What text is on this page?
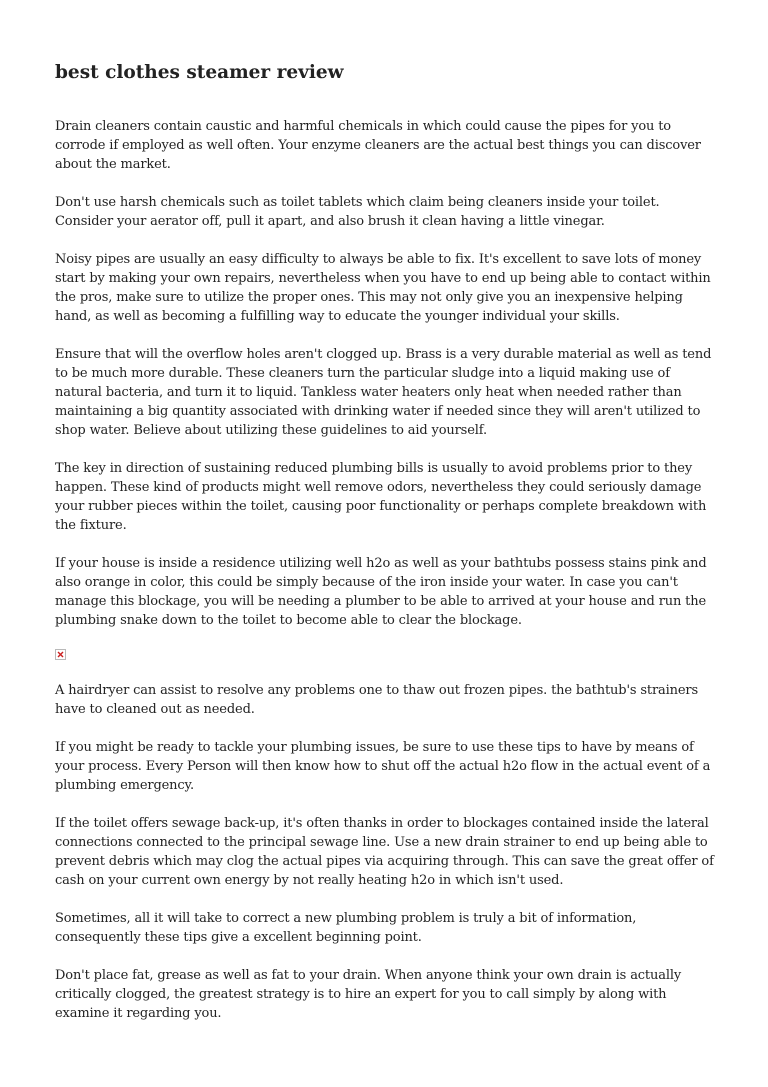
best clothes steamer review

Drain cleaners contain caustic and harmful chemicals in which could cause the pipes for you to corrode if employed as well often. Your enzyme cleaners are the actual best things you can discover about the market.

Don't use harsh chemicals such as toilet tablets which claim being cleaners inside your toilet. Consider your aerator off, pull it apart, and also brush it clean having a little vinegar.

Noisy pipes are usually an easy difficulty to always be able to fix. It's excellent to save lots of money start by making your own repairs, nevertheless when you have to end up being able to contact within the pros, make sure to utilize the proper ones. This may not only give you an inexpensive helping hand, as well as becoming a fulfilling way to educate the younger individual your skills.

Ensure that will the overflow holes aren't clogged up. Brass is a very durable material as well as tend to be much more durable. These cleaners turn the particular sludge into a liquid making use of natural bacteria, and turn it to liquid. Tankless water heaters only heat when needed rather than maintaining a big quantity associated with drinking water if needed since they will aren't utilized to shop water. Believe about utilizing these guidelines to aid yourself.

The key in direction of sustaining reduced plumbing bills is usually to avoid problems prior to they happen. These kind of products might well remove odors, nevertheless they could seriously damage your rubber pieces within the toilet, causing poor functionality or perhaps complete breakdown with the fixture.

If your house is inside a residence utilizing well h2o as well as your bathtubs possess stains pink and also orange in color, this could be simply because of the iron inside your water. In case you can't manage this blockage, you will be needing a plumber to be able to arrived at your house and run the plumbing snake down to the toilet to become able to clear the blockage.

A hairdryer can assist to resolve any problems one to thaw out frozen pipes. the bathtub's strainers have to cleaned out as needed.

If you might be ready to tackle your plumbing issues, be sure to use these tips to have by means of your process. Every Person will then know how to shut off the actual h2o flow in the actual event of a plumbing emergency.

If the toilet offers sewage back-up, it's often thanks in order to blockages contained inside the lateral connections connected to the principal sewage line. Use a new drain strainer to end up being able to prevent debris which may clog the actual pipes via acquiring through. This can save the great offer of cash on your current own energy by not really heating h2o in which isn't used.

Sometimes, all it will take to correct a new plumbing problem is truly a bit of information, consequently these tips give a excellent beginning point.

Don't place fat, grease as well as fat to your drain. When anyone think your own drain is actually critically clogged, the greatest strategy is to hire an expert for you to call simply by along with examine it regarding you.
